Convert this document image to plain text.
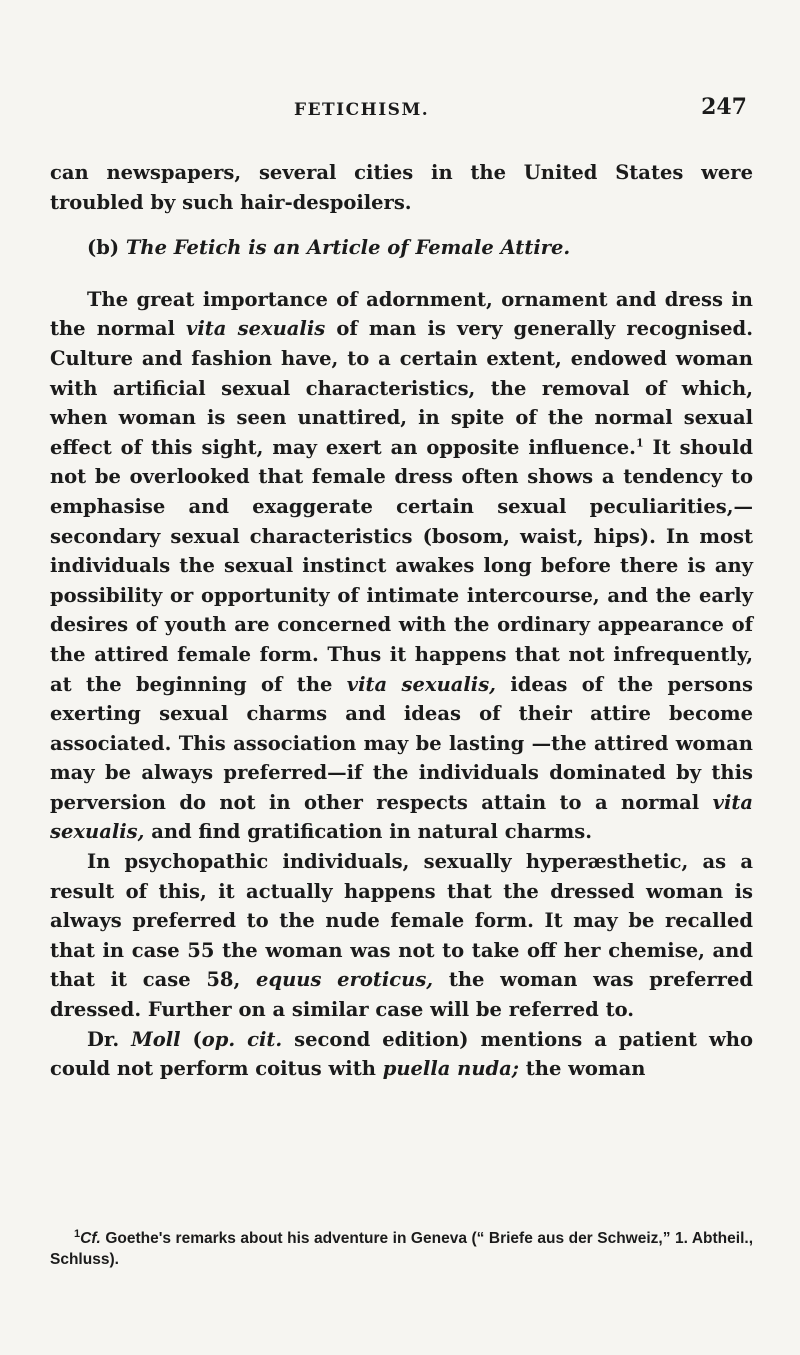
FETICHISM.	247

can newspapers, several cities in the United States were troubled by such hair-despoilers.

(b) The Fetich is an Article of Female Attire.

The great importance of adornment, ornament and dress in the normal vita sexualis of man is very generally recognised. Culture and fashion have, to a certain extent, endowed woman with artificial sexual characteristics, the removal of which, when woman is seen unattired, in spite of the normal sexual effect of this sight, may exert an opposite influence.$^1$ It should not be overlooked that female dress often shows a tendency to emphasise and exaggerate certain sexual peculiarities,—secondary sexual characteristics (bosom, waist, hips). In most individuals the sexual instinct awakes long before there is any possibility or opportunity of intimate intercourse, and the early desires of youth are concerned with the ordinary appearance of the attired female form. Thus it happens that not infrequently, at the beginning of the vita sexualis, ideas of the persons exerting sexual charms and ideas of their attire become associated. This association may be lasting —the attired woman may be always preferred—if the individuals dominated by this perversion do not in other respects attain to a normal vita sexualis, and find gratification in natural charms.

In psychopathic individuals, sexually hyperæsthetic, as a result of this, it actually happens that the dressed woman is always preferred to the nude female form. It may be recalled that in case 55 the woman was not to take off her chemise, and that it case 58, equus eroticus, the woman was preferred dressed. Further on a similar case will be referred to.

Dr. Moll (op. cit. second edition) mentions a patient who could not perform coitus with puella nuda; the woman

$^1$Cf. Goethe's remarks about his adventure in Geneva (“ Briefe aus der Schweiz,” 1. Abtheil., Schluss).
